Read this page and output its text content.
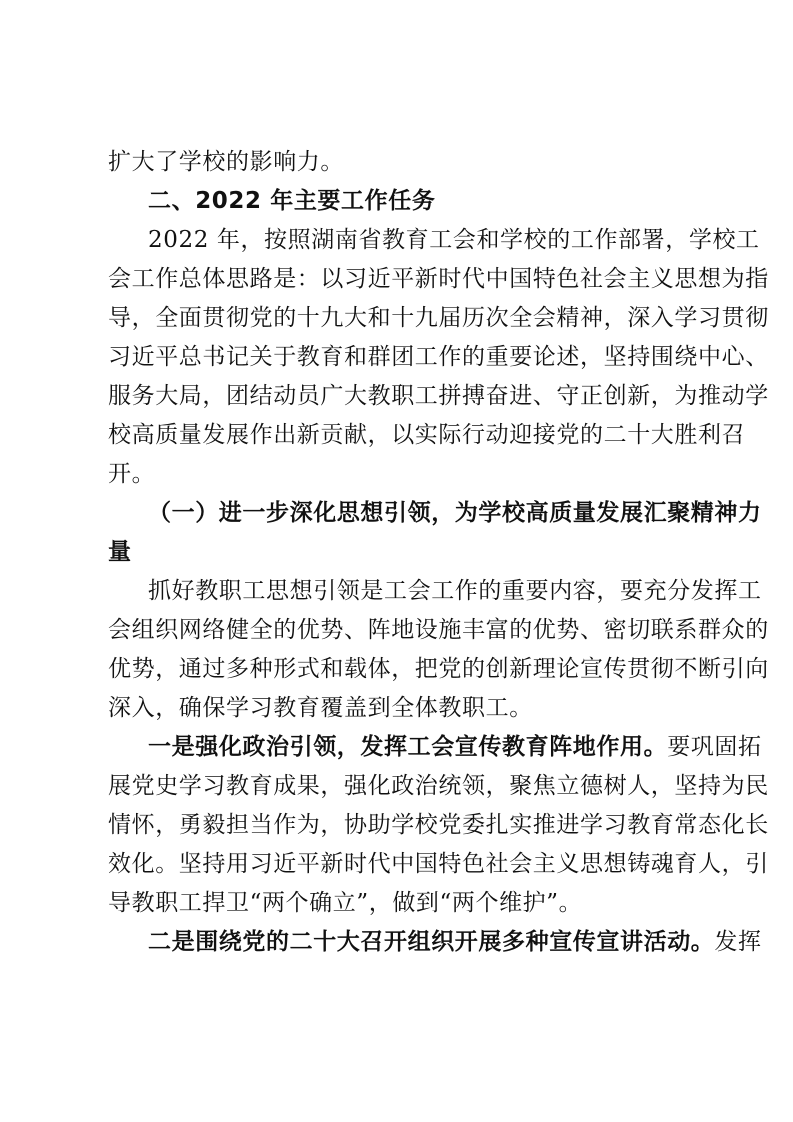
扩大了学校的影响力。
二、2022 年主要工作任务
2022 年，按照湖南省教育工会和学校的工作部署，学校工
会工作总体思路是：以习近平新时代中国特色社会主义思想为指
导，全面贯彻党的十九大和十九届历次全会精神，深入学习贯彻
习近平总书记关于教育和群团工作的重要论述，坚持围绕中心、
服务大局，团结动员广大教职工拼搏奋进、守正创新，为推动学
校高质量发展作出新贡献，以实际行动迎接党的二十大胜利召
开。
（一）进一步深化思想引领，为学校高质量发展汇聚精神力
量
抓好教职工思想引领是工会工作的重要内容，要充分发挥工
会组织网络健全的优势、阵地设施丰富的优势、密切联系群众的
优势，通过多种形式和载体，把党的创新理论宣传贯彻不断引向
深入，确保学习教育覆盖到全体教职工。
一是强化政治引领，发挥工会宣传教育阵地作用。 要巩固拓
展党史学习教育成果，强化政治统领，聚焦立德树人，坚持为民
情怀，勇毅担当作为，协助学校党委扎实推进学习教育常态化长
效化。坚持用习近平新时代中国特色社会主义思想铸魂育人，引
导教职工捍卫“两个确立”，做到“两个维护”。
二是围绕党的二十大召开组织开展多种宣传宣讲活动。 发挥
